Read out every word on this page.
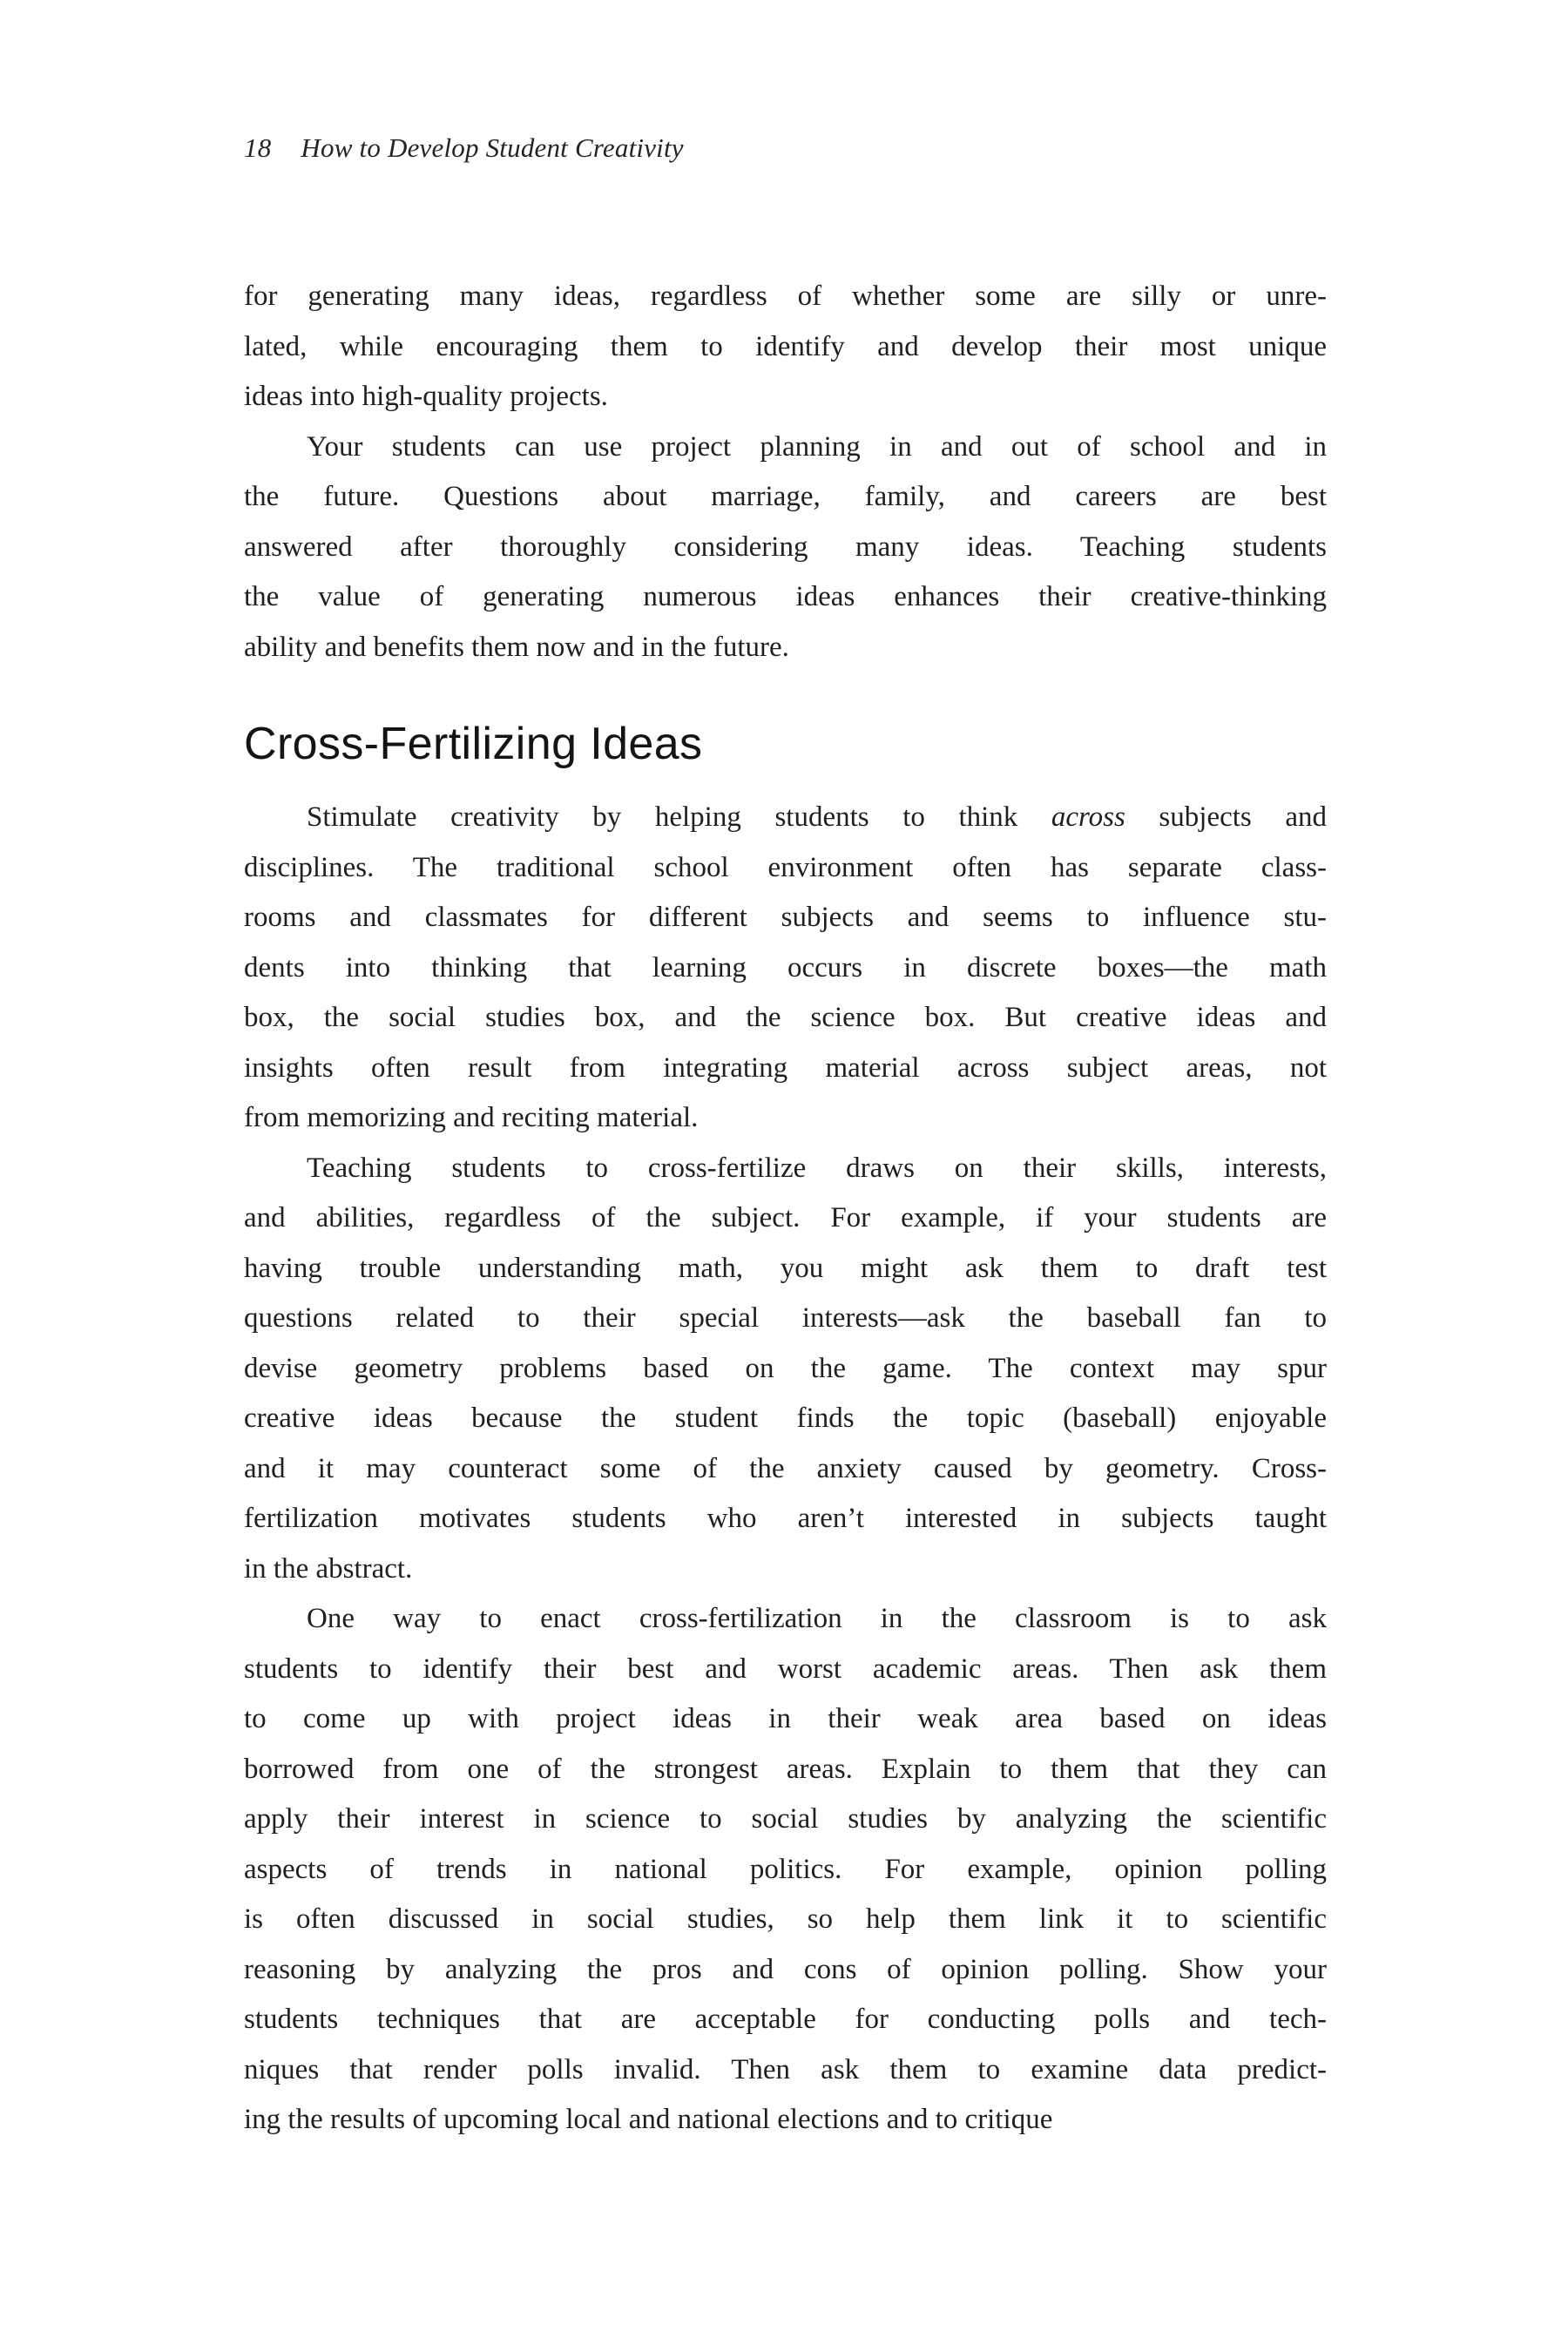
18 How to Develop Student Creativity
for generating many ideas, regardless of whether some are silly or unre-
lated, while encouraging them to identify and develop their most unique
ideas into high-quality projects.
Your students can use project planning in and out of school and in
the future. Questions about marriage, family, and careers are best
answered after thoroughly considering many ideas. Teaching students
the value of generating numerous ideas enhances their creative-thinking
ability and benefits them now and in the future.
Cross-Fertilizing Ideas
Stimulate creativity by helping students to think across subjects and
disciplines. The traditional school environment often has separate class-
rooms and classmates for different subjects and seems to influence stu-
dents into thinking that learning occurs in discrete boxes—the math
box, the social studies box, and the science box. But creative ideas and
insights often result from integrating material across subject areas, not
from memorizing and reciting material.
Teaching students to cross-fertilize draws on their skills, interests,
and abilities, regardless of the subject. For example, if your students are
having trouble understanding math, you might ask them to draft test
questions related to their special interests—ask the baseball fan to
devise geometry problems based on the game. The context may spur
creative ideas because the student finds the topic (baseball) enjoyable
and it may counteract some of the anxiety caused by geometry. Cross-
fertilization motivates students who aren’t interested in subjects taught
in the abstract.
One way to enact cross-fertilization in the classroom is to ask
students to identify their best and worst academic areas. Then ask them
to come up with project ideas in their weak area based on ideas
borrowed from one of the strongest areas. Explain to them that they can
apply their interest in science to social studies by analyzing the scientific
aspects of trends in national politics. For example, opinion polling
is often discussed in social studies, so help them link it to scientific
reasoning by analyzing the pros and cons of opinion polling. Show your
students techniques that are acceptable for conducting polls and tech-
niques that render polls invalid. Then ask them to examine data predict-
ing the results of upcoming local and national elections and to critique
